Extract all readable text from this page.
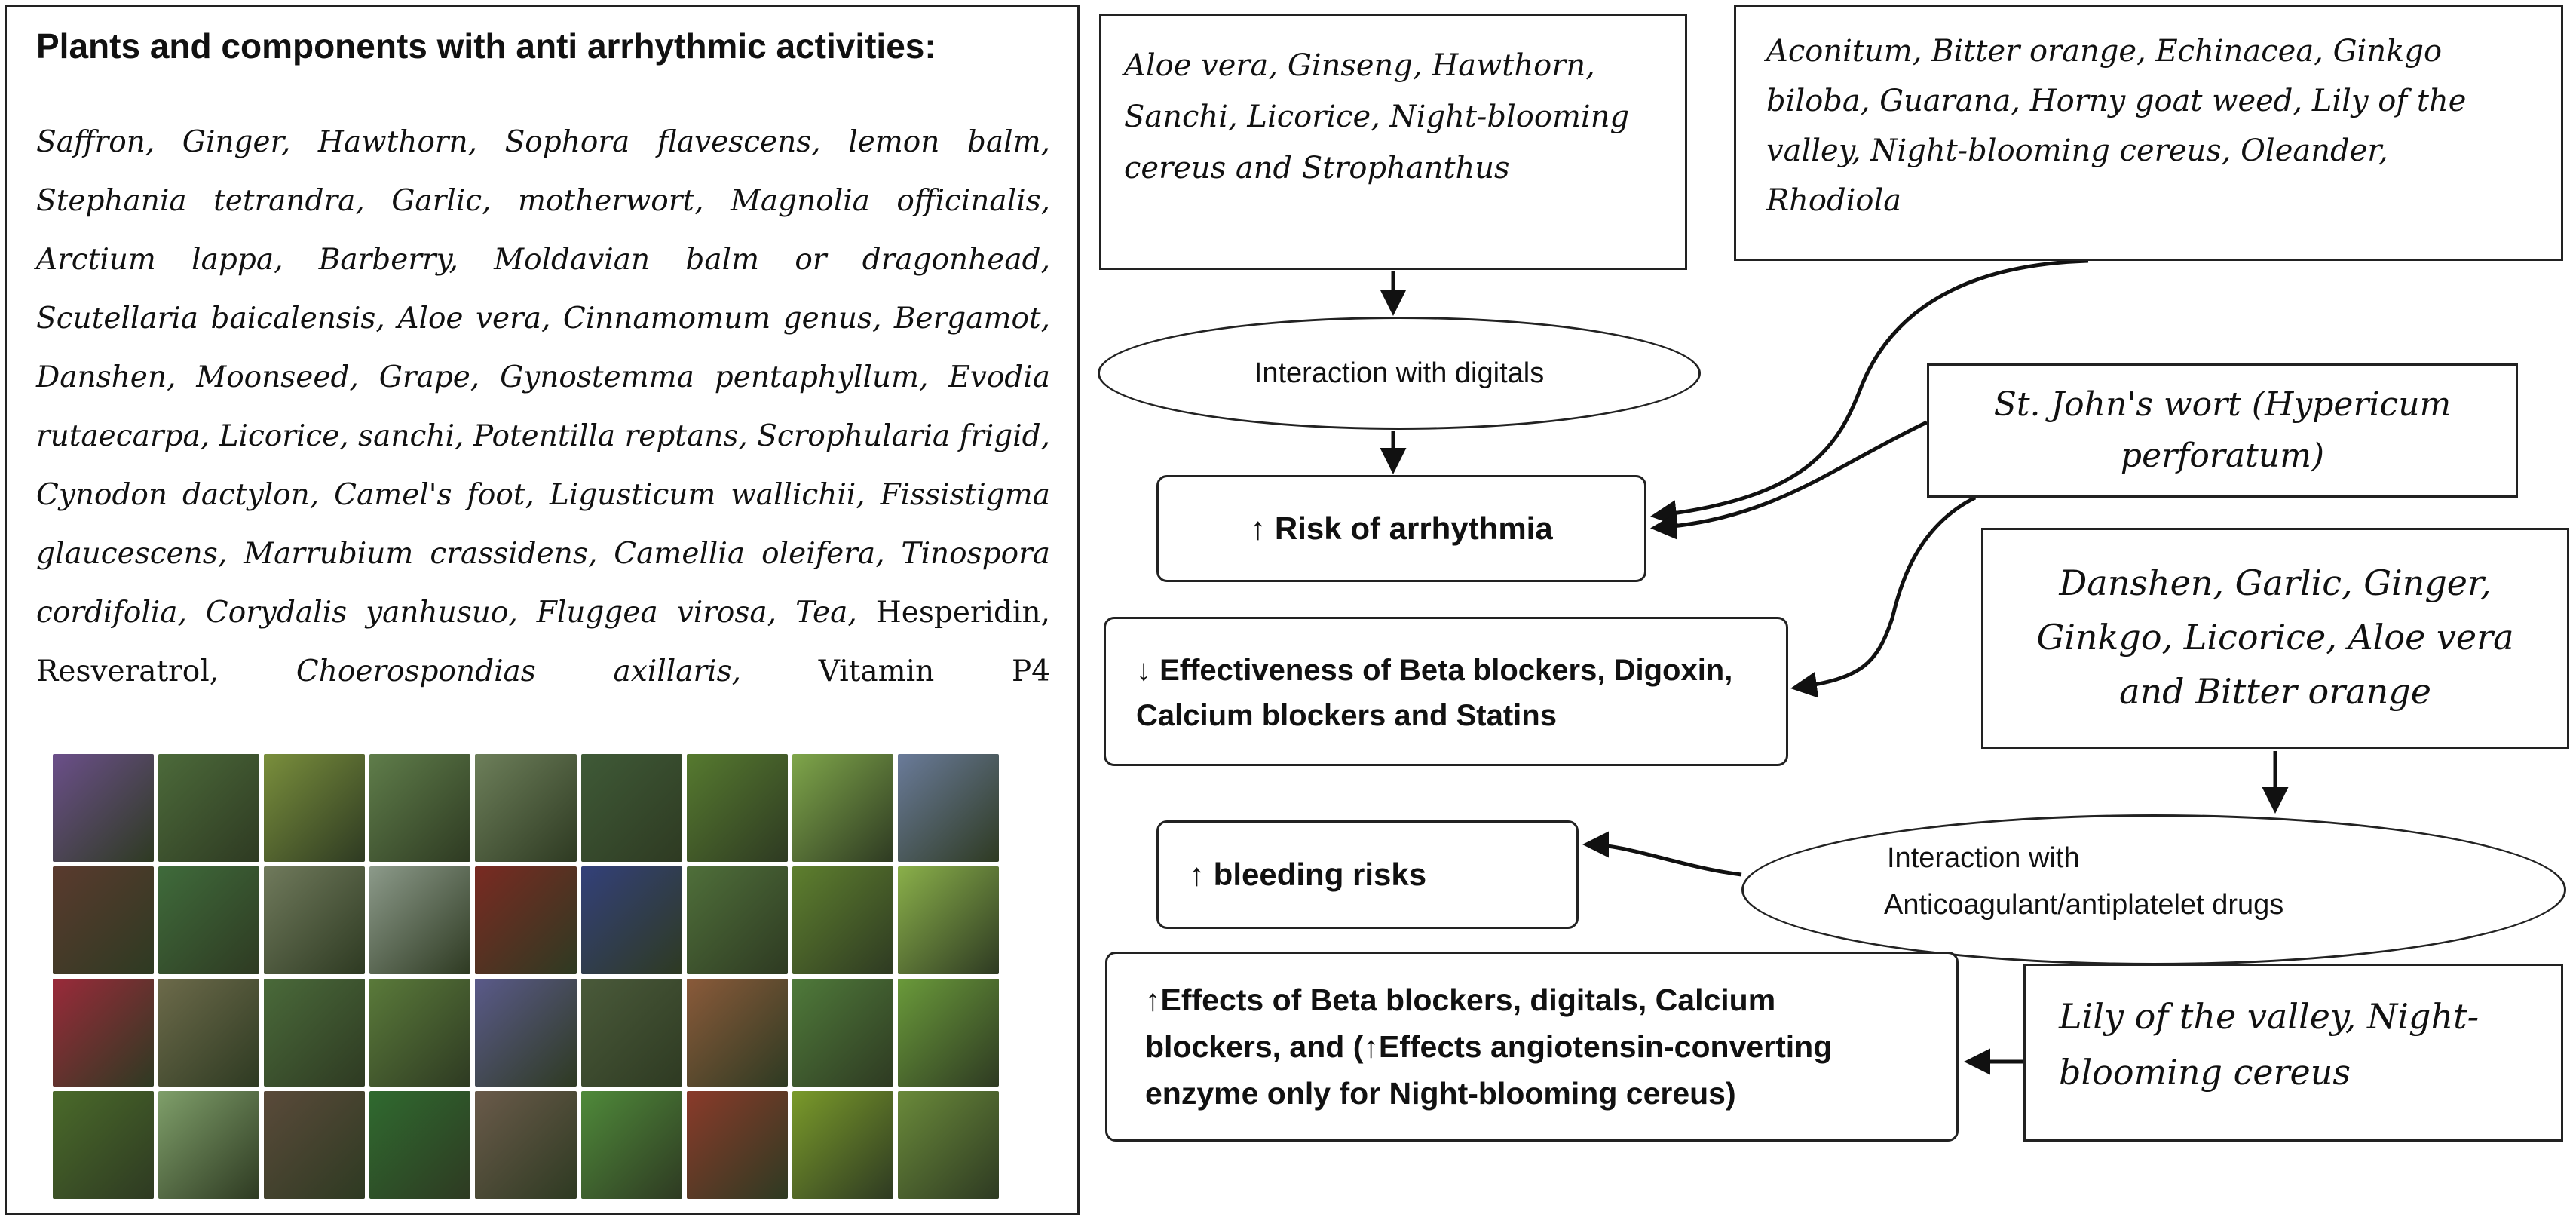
Plants and components with anti arrhythmic activities:
Saffron, Ginger, Hawthorn, Sophora flavescens, lemon balm, Stephania tetrandra, Garlic, motherwort, Magnolia officinalis, Arctium lappa, Barberry, Moldavian balm or dragonhead, Scutellaria baicalensis, Aloe vera, Cinnamomum genus, Bergamot, Danshen, Moonseed, Grape, Gynostemma pentaphyllum, Evodia rutaecarpa, Licorice, sanchi, Potentilla reptans, Scrophularia frigid, Cynodon dactylon, Camel's foot, Ligusticum wallichii, Fissistigma glaucescens, Marrubium crassidens, Camellia oleifera, Tinospora cordifolia, Corydalis yanhusuo, Fluggea virosa, Tea, Hesperidin, Resveratrol,	Choerospondias axillaris,	Vitamin P4
Aloe vera, Ginseng, Hawthorn, Sanchi, Licorice, Night-blooming cereus and Strophanthus
Aconitum, Bitter orange, Echinacea, Ginkgo biloba, Guarana, Horny goat weed, Lily of the valley, Night-blooming cereus, Oleander, Rhodiola
Interaction with digitals
↑ Risk of arrhythmia
St. John's wort (Hypericum perforatum)
Danshen, Garlic, Ginger, Ginkgo, Licorice, Aloe vera and Bitter orange
↓ Effectiveness of Beta blockers, Digoxin, Calcium blockers and Statins
↑ bleeding risks	Interaction with
Anticoagulant/antiplatelet drugs
↑Effects of Beta blockers, digitals, Calcium blockers, and (↑Effects angiotensin-converting enzyme only for Night-blooming cereus)
Lily of the valley, Night-blooming cereus
